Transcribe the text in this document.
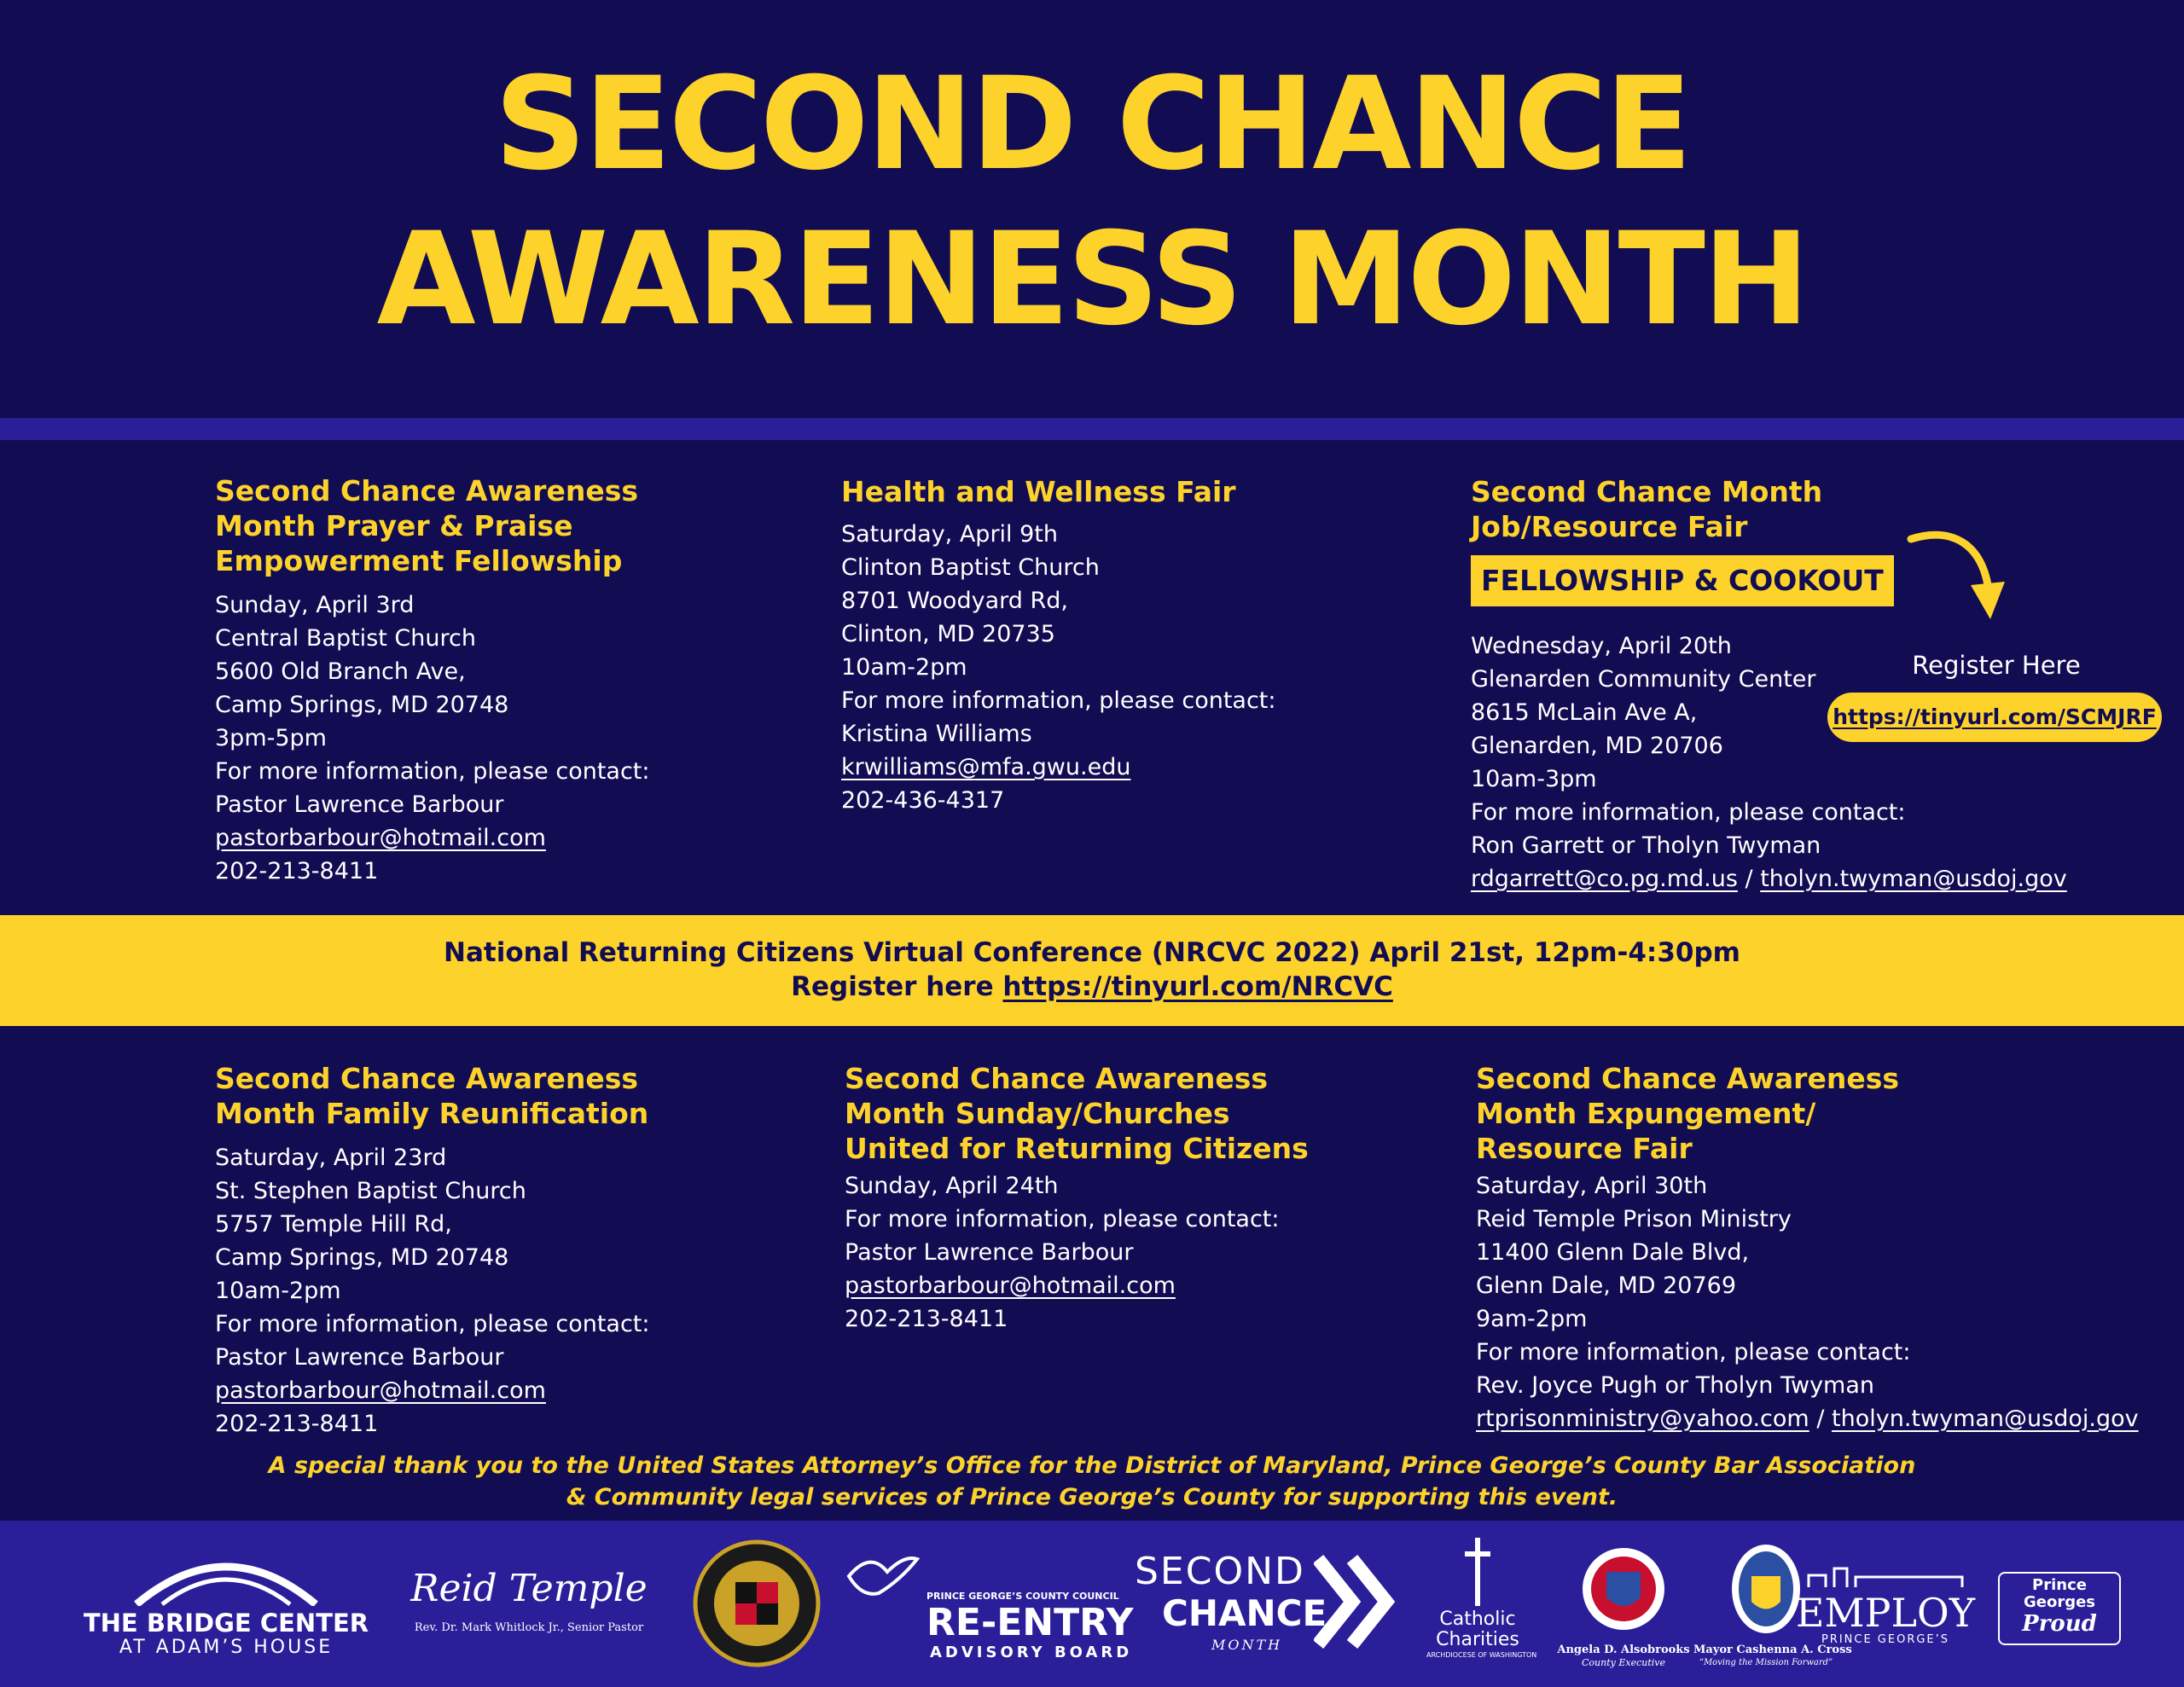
SECOND CHANCE
AWARENESS MONTH
Second Chance Awareness
Month Prayer & Praise
Empowerment Fellowship
Sunday, April 3rd
Central Baptist Church
5600 Old Branch Ave,
Camp Springs, MD 20748
3pm-5pm
For more information, please contact:
Pastor Lawrence Barbour
pastorbarbour@hotmail.com
202-213-8411
Health and Wellness Fair
Saturday, April 9th
Clinton Baptist Church
8701 Woodyard Rd,
Clinton, MD 20735
10am-2pm
For more information, please contact:
Kristina Williams
krwilliams@mfa.gwu.edu
202-436-4317
Second Chance Month
Job/Resource Fair
Wednesday, April 20th
Glenarden Community Center
8615 McLain Ave A,
Glenarden, MD 20706
10am-3pm
For more information, please contact:
Ron Garrett or Tholyn Twyman
rdgarrett@co.pg.md.us / tholyn.twyman@usdoj.gov
FELLOWSHIP & COOKOUT
Register Here
https://tinyurl.com/SCMJRF
National Returning Citizens Virtual Conference (NRCVC 2022) April 21st, 12pm-4:30pm
Register here https://tinyurl.com/NRCVC
Second Chance Awareness
Month Family Reunification
Saturday, April 23rd
St. Stephen Baptist Church
5757 Temple Hill Rd,
Camp Springs, MD 20748
10am-2pm
For more information, please contact:
Pastor Lawrence Barbour
pastorbarbour@hotmail.com
202-213-8411
Second Chance Awareness
Month Sunday/Churches
United for Returning Citizens
Sunday, April 24th
For more information, please contact:
Pastor Lawrence Barbour
pastorbarbour@hotmail.com
202-213-8411
Second Chance Awareness
Month Expungement/
Resource Fair
Saturday, April 30th
Reid Temple Prison Ministry
11400 Glenn Dale Blvd,
Glenn Dale, MD 20769
9am-2pm
For more information, please contact:
Rev. Joyce Pugh or Tholyn Twyman
rtprisonministry@yahoo.com / tholyn.twyman@usdoj.gov
A special thank you to the United States Attorney’s Office for the District of Maryland, Prince George’s County Bar Association
& Community legal services of Prince George’s County for supporting this event.
THE BRIDGE CENTER
AT ADAM’S HOUSE
Reid Temple
Rev. Dr. Mark Whitlock Jr., Senior Pastor
PRINCE GEORGE’S COUNTY COUNCIL
RE-ENTRY
ADVISORY BOARD
SECOND
CHANCE
MONTH
Catholic
Charities
ARCHDIOCESE OF WASHINGTON	Angela D. Alsobrooks
County Executive
Mayor Cashenna A. Cross
“Moving the Mission Forward”
EMPLOY
PRINCE GEORGE’S
Prince
Georges
Proud
